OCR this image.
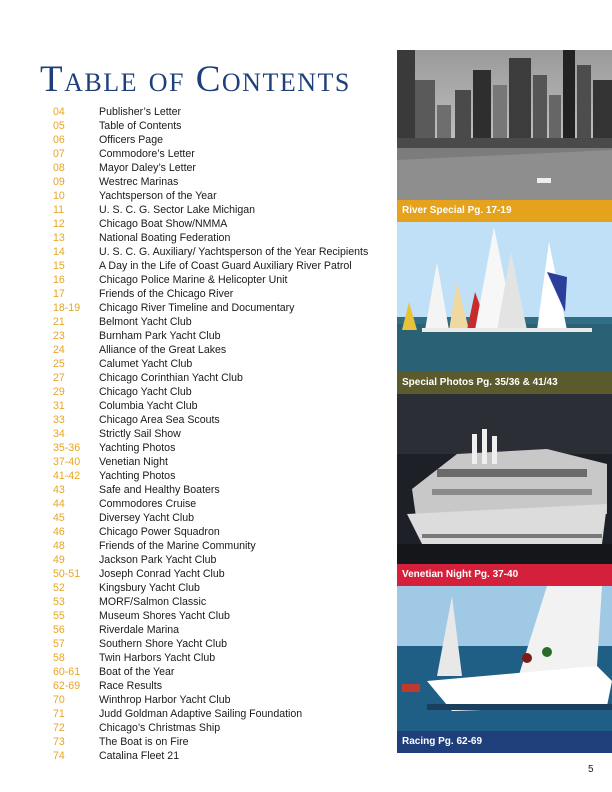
Table of Contents
04	Publisher’s Letter
05	Table of Contents
06	Officers Page
07	Commodore’s Letter
08	Mayor Daley’s Letter
09	Westrec Marinas
10	Yachtsperson of the Year
11	U. S. C. G. Sector Lake Michigan
12	Chicago Boat Show/NMMA
13	National Boating Federation
14	U. S. C. G. Auxiliary/ Yachtsperson of the Year Recipients
15	A Day in the Life of Coast Guard Auxiliary River Patrol
16	Chicago Police Marine & Helicopter Unit
17	Friends of the Chicago River
18-19 Chicago River Timeline and Documentary
21	Belmont Yacht Club
23	Burnham Park Yacht Club
24	Alliance of the Great Lakes
25	Calumet Yacht Club
27	Chicago Corinthian Yacht Club
29	Chicago Yacht Club
31	Columbia Yacht Club
33	Chicago Area Sea Scouts
34	Strictly Sail Show
35-36 Yachting Photos
37-40 Venetian Night
41-42 Yachting Photos
43	Safe and Healthy Boaters
44	Commodores Cruise
45	Diversey Yacht Club
46	Chicago Power Squadron
48	Friends of the Marine Community
49	Jackson Park Yacht Club
50-51 Joseph Conrad Yacht Club
52	Kingsbury Yacht Club
53	MORF/Salmon Classic
55	Museum Shores Yacht Club
56	Riverdale Marina
57	Southern Shore Yacht Club
58	Twin Harbors Yacht Club
60-61 Boat of the Year
62-69 Race Results
70	Winthrop Harbor Yacht Club
71	Judd Goldman Adaptive Sailing Foundation
72	Chicago’s Christmas Ship
73	The Boat is on Fire
74	Catalina Fleet 21
River Special Pg. 17-19
Special Photos Pg. 35/36 & 41/43
Venetian Night Pg. 37-40
Racing Pg. 62-69
5
